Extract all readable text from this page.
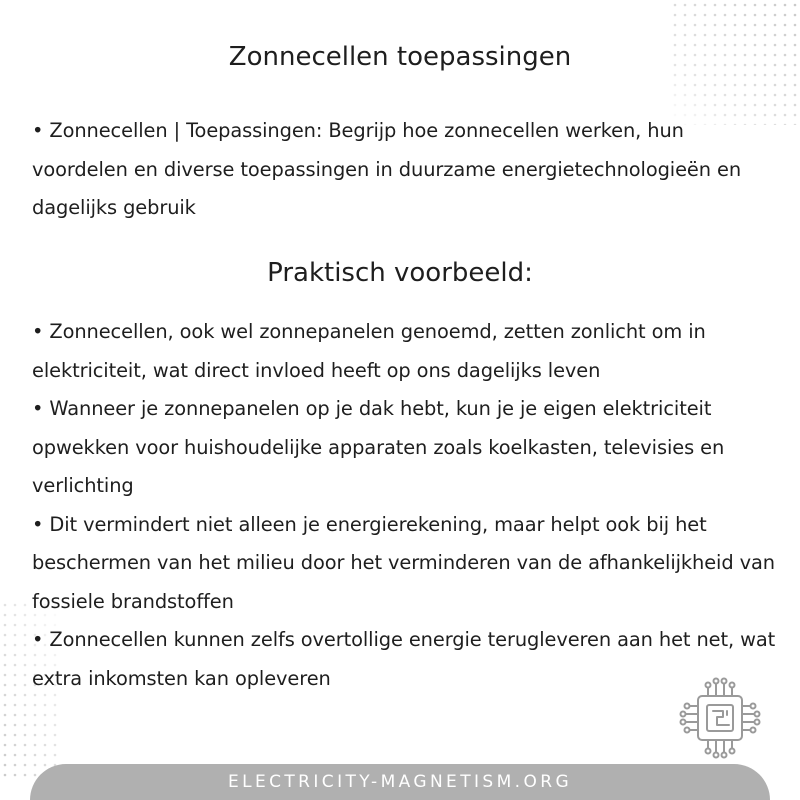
Zonnecellen toepassingen

• Zonnecellen | Toepassingen: Begrijp hoe zonnecellen werken, hun voordelen en diverse toepassingen in duurzame energietechnologieën en dagelijks gebruik

Praktisch voorbeeld:
• Zonnecellen, ook wel zonnepanelen genoemd, zetten zonlicht om in elektriciteit, wat direct invloed heeft op ons dagelijks leven
• Wanneer je zonnepanelen op je dak hebt, kun je je eigen elektriciteit opwekken voor huishoudelijke apparaten zoals koelkasten, televisies en verlichting
• Dit vermindert niet alleen je energierekening, maar helpt ook bij het beschermen van het milieu door het verminderen van de afhankelijkheid van fossiele brandstoffen
• Zonnecellen kunnen zelfs overtollige energie terugleveren aan het net, wat extra inkomsten kan opleveren
ELECTRICITY-MAGNETISM.ORG
